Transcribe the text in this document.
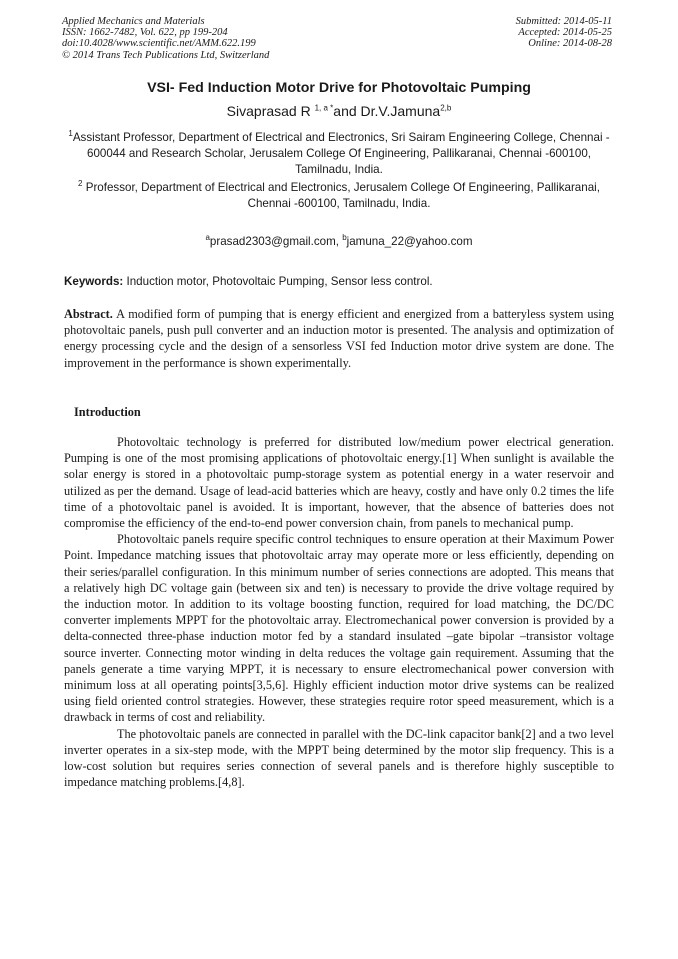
Applied Mechanics and Materials
ISSN: 1662-7482, Vol. 622, pp 199-204
doi:10.4028/www.scientific.net/AMM.622.199
© 2014 Trans Tech Publications Ltd, Switzerland
Submitted: 2014-05-11
Accepted: 2014-05-25
Online: 2014-08-28
VSI- Fed Induction Motor Drive for Photovoltaic Pumping
Sivaprasad R $^{1, a *}$and Dr.V.Jamuna$^{2,b}$
$^1$Assistant Professor, Department of Electrical and Electronics, Sri Sairam Engineering College, Chennai - 600044 and Research Scholar, Jerusalem College Of Engineering, Pallikaranai, Chennai -600100, Tamilnadu, India.
$^2$ Professor, Department of Electrical and Electronics, Jerusalem College Of Engineering, Pallikaranai, Chennai -600100, Tamilnadu, India.
$^a$prasad2303@gmail.com, $^b$jamuna_22@yahoo.com
Keywords: Induction motor, Photovoltaic Pumping, Sensor less control.
Abstract. A modified form of pumping that is energy efficient and energized from a batteryless system using photovoltaic panels, push pull converter and an induction motor is presented. The analysis and optimization of energy processing cycle and the design of a sensorless VSI fed Induction motor drive system are done. The improvement in the performance is shown experimentally.
Introduction

Photovoltaic technology is preferred for distributed low/medium power electrical generation. Pumping is one of the most promising applications of photovoltaic energy.[1] When sunlight is available the solar energy is stored in a photovoltaic pump-storage system as potential energy in a water reservoir and utilized as per the demand. Usage of lead-acid batteries which are heavy, costly and have only 0.2 times the life time of a photovoltaic panel is avoided. It is important, however, that the absence of batteries does not compromise the efficiency of the end-to-end power conversion chain, from panels to mechanical pump.

Photovoltaic panels require specific control techniques to ensure operation at their Maximum Power Point. Impedance matching issues that photovoltaic array may operate more or less efficiently, depending on their series/parallel configuration. In this minimum number of series connections are adopted. This means that a relatively high DC voltage gain (between six and ten) is necessary to provide the drive voltage required by the induction motor. In addition to its voltage boosting function, required for load matching, the DC/DC converter implements MPPT for the photovoltaic array. Electromechanical power conversion is provided by a delta-connected three-phase induction motor fed by a standard insulated –gate bipolar –transistor voltage source inverter. Connecting motor winding in delta reduces the voltage gain requirement. Assuming that the panels generate a time varying MPPT, it is necessary to ensure electromechanical power conversion with minimum loss at all operating points[3,5,6]. Highly efficient induction motor drive systems can be realized using field oriented control strategies. However, these strategies require rotor speed measurement, which is a drawback in terms of cost and reliability.

The photovoltaic panels are connected in parallel with the DC-link capacitor bank[2] and a two level inverter operates in a six-step mode, with the MPPT being determined by the motor slip frequency. This is a low-cost solution but requires series connection of several panels and is therefore highly susceptible to impedance matching problems.[4,8].
